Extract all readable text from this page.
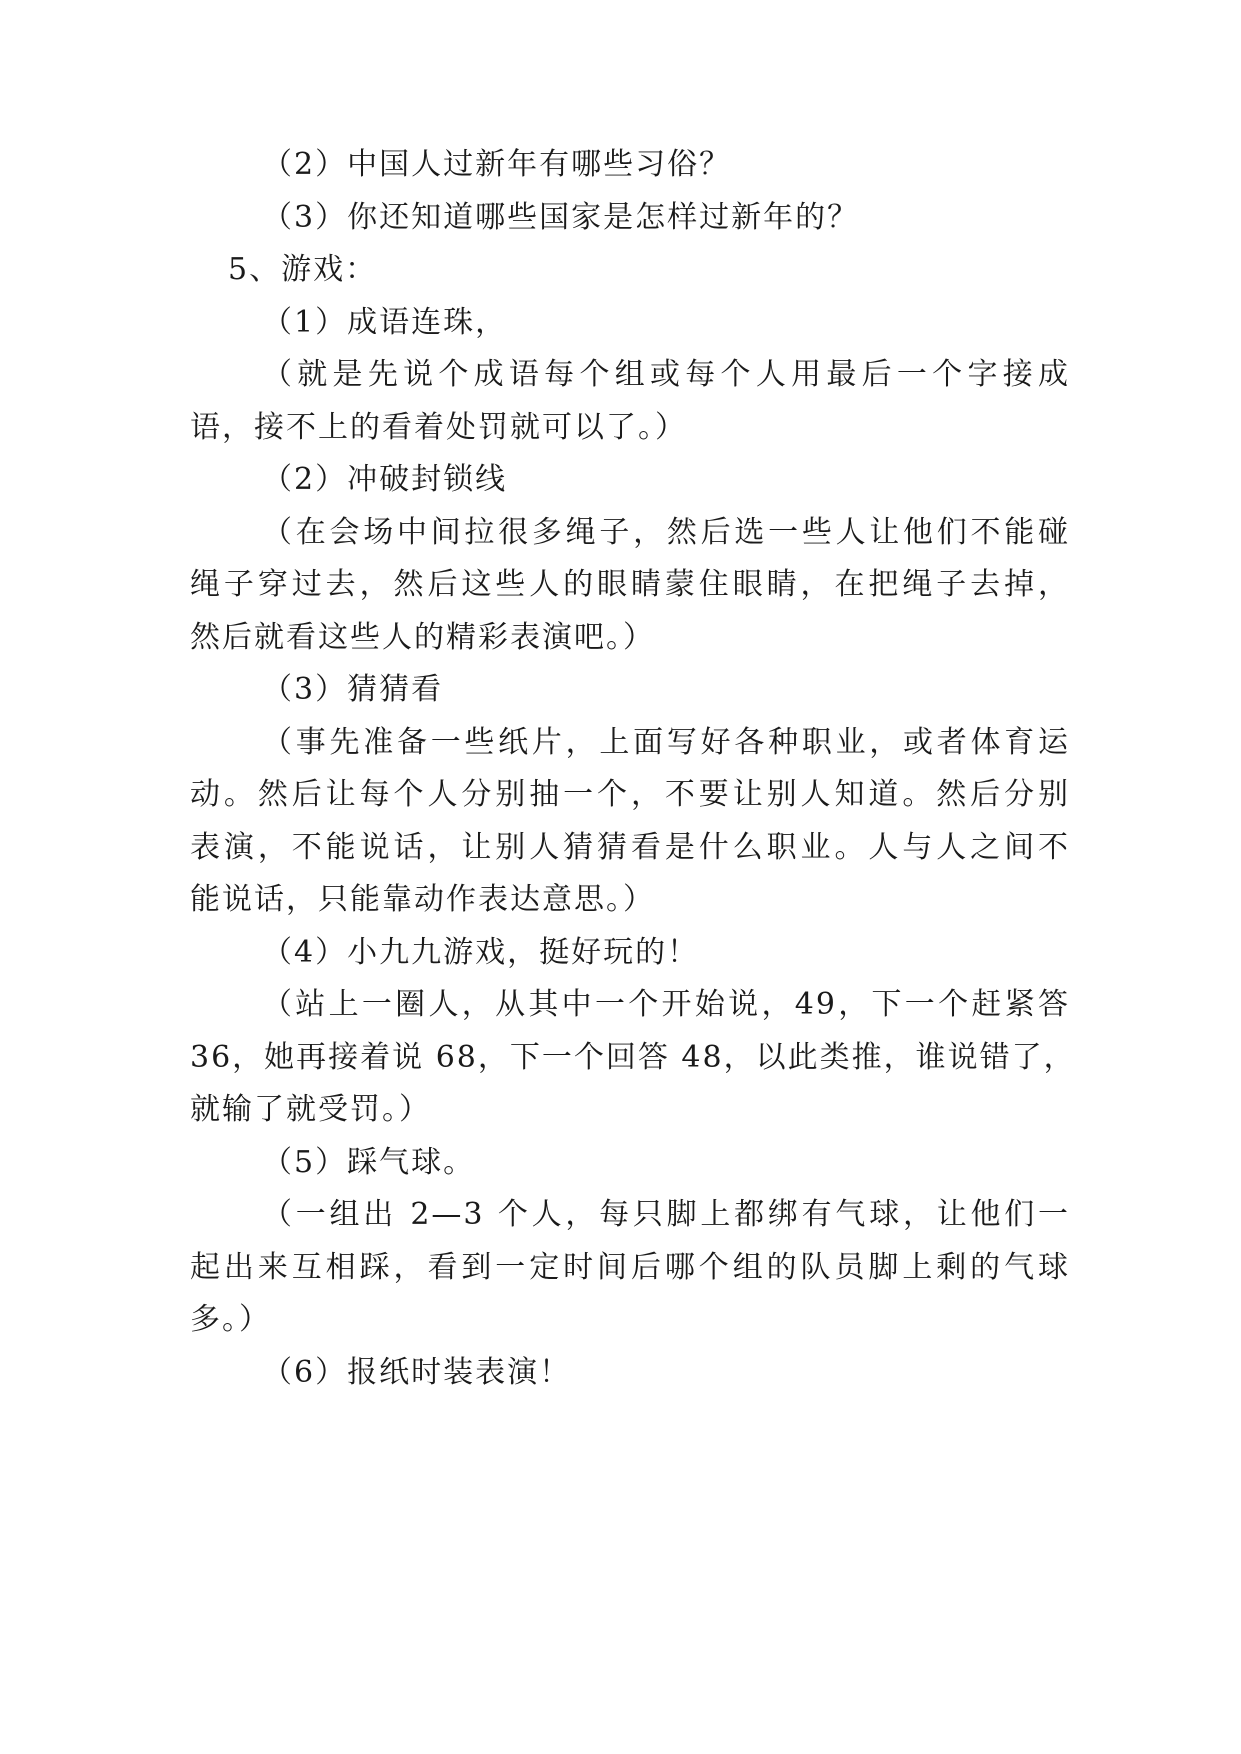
（2）中国人过新年有哪些习俗？
（3）你还知道哪些国家是怎样过新年的？
5、游戏：
（1）成语连珠，
（就是先说个成语每个组或每个人用最后一个字接成
语，接不上的看着处罚就可以了。）
（2）冲破封锁线
（在会场中间拉很多绳子，然后选一些人让他们不能碰
绳子穿过去，然后这些人的眼睛蒙住眼睛，在把绳子去掉，
然后就看这些人的精彩表演吧。）
（3）猜猜看
（事先准备一些纸片，上面写好各种职业，或者体育运
动。然后让每个人分别抽一个，不要让别人知道。然后分别
表演，不能说话，让别人猜猜看是什么职业。人与人之间不
能说话，只能靠动作表达意思。）
（4）小九九游戏，挺好玩的！
（站上一圈人，从其中一个开始说，49，下一个赶紧答
36，她再接着说 68，下一个回答 48，以此类推，谁说错了，
就输了就受罚。）
（5）踩气球。
（一组出 2—3 个人，每只脚上都绑有气球，让他们一
起出来互相踩，看到一定时间后哪个组的队员脚上剩的气球
多。）
（6）报纸时装表演！
